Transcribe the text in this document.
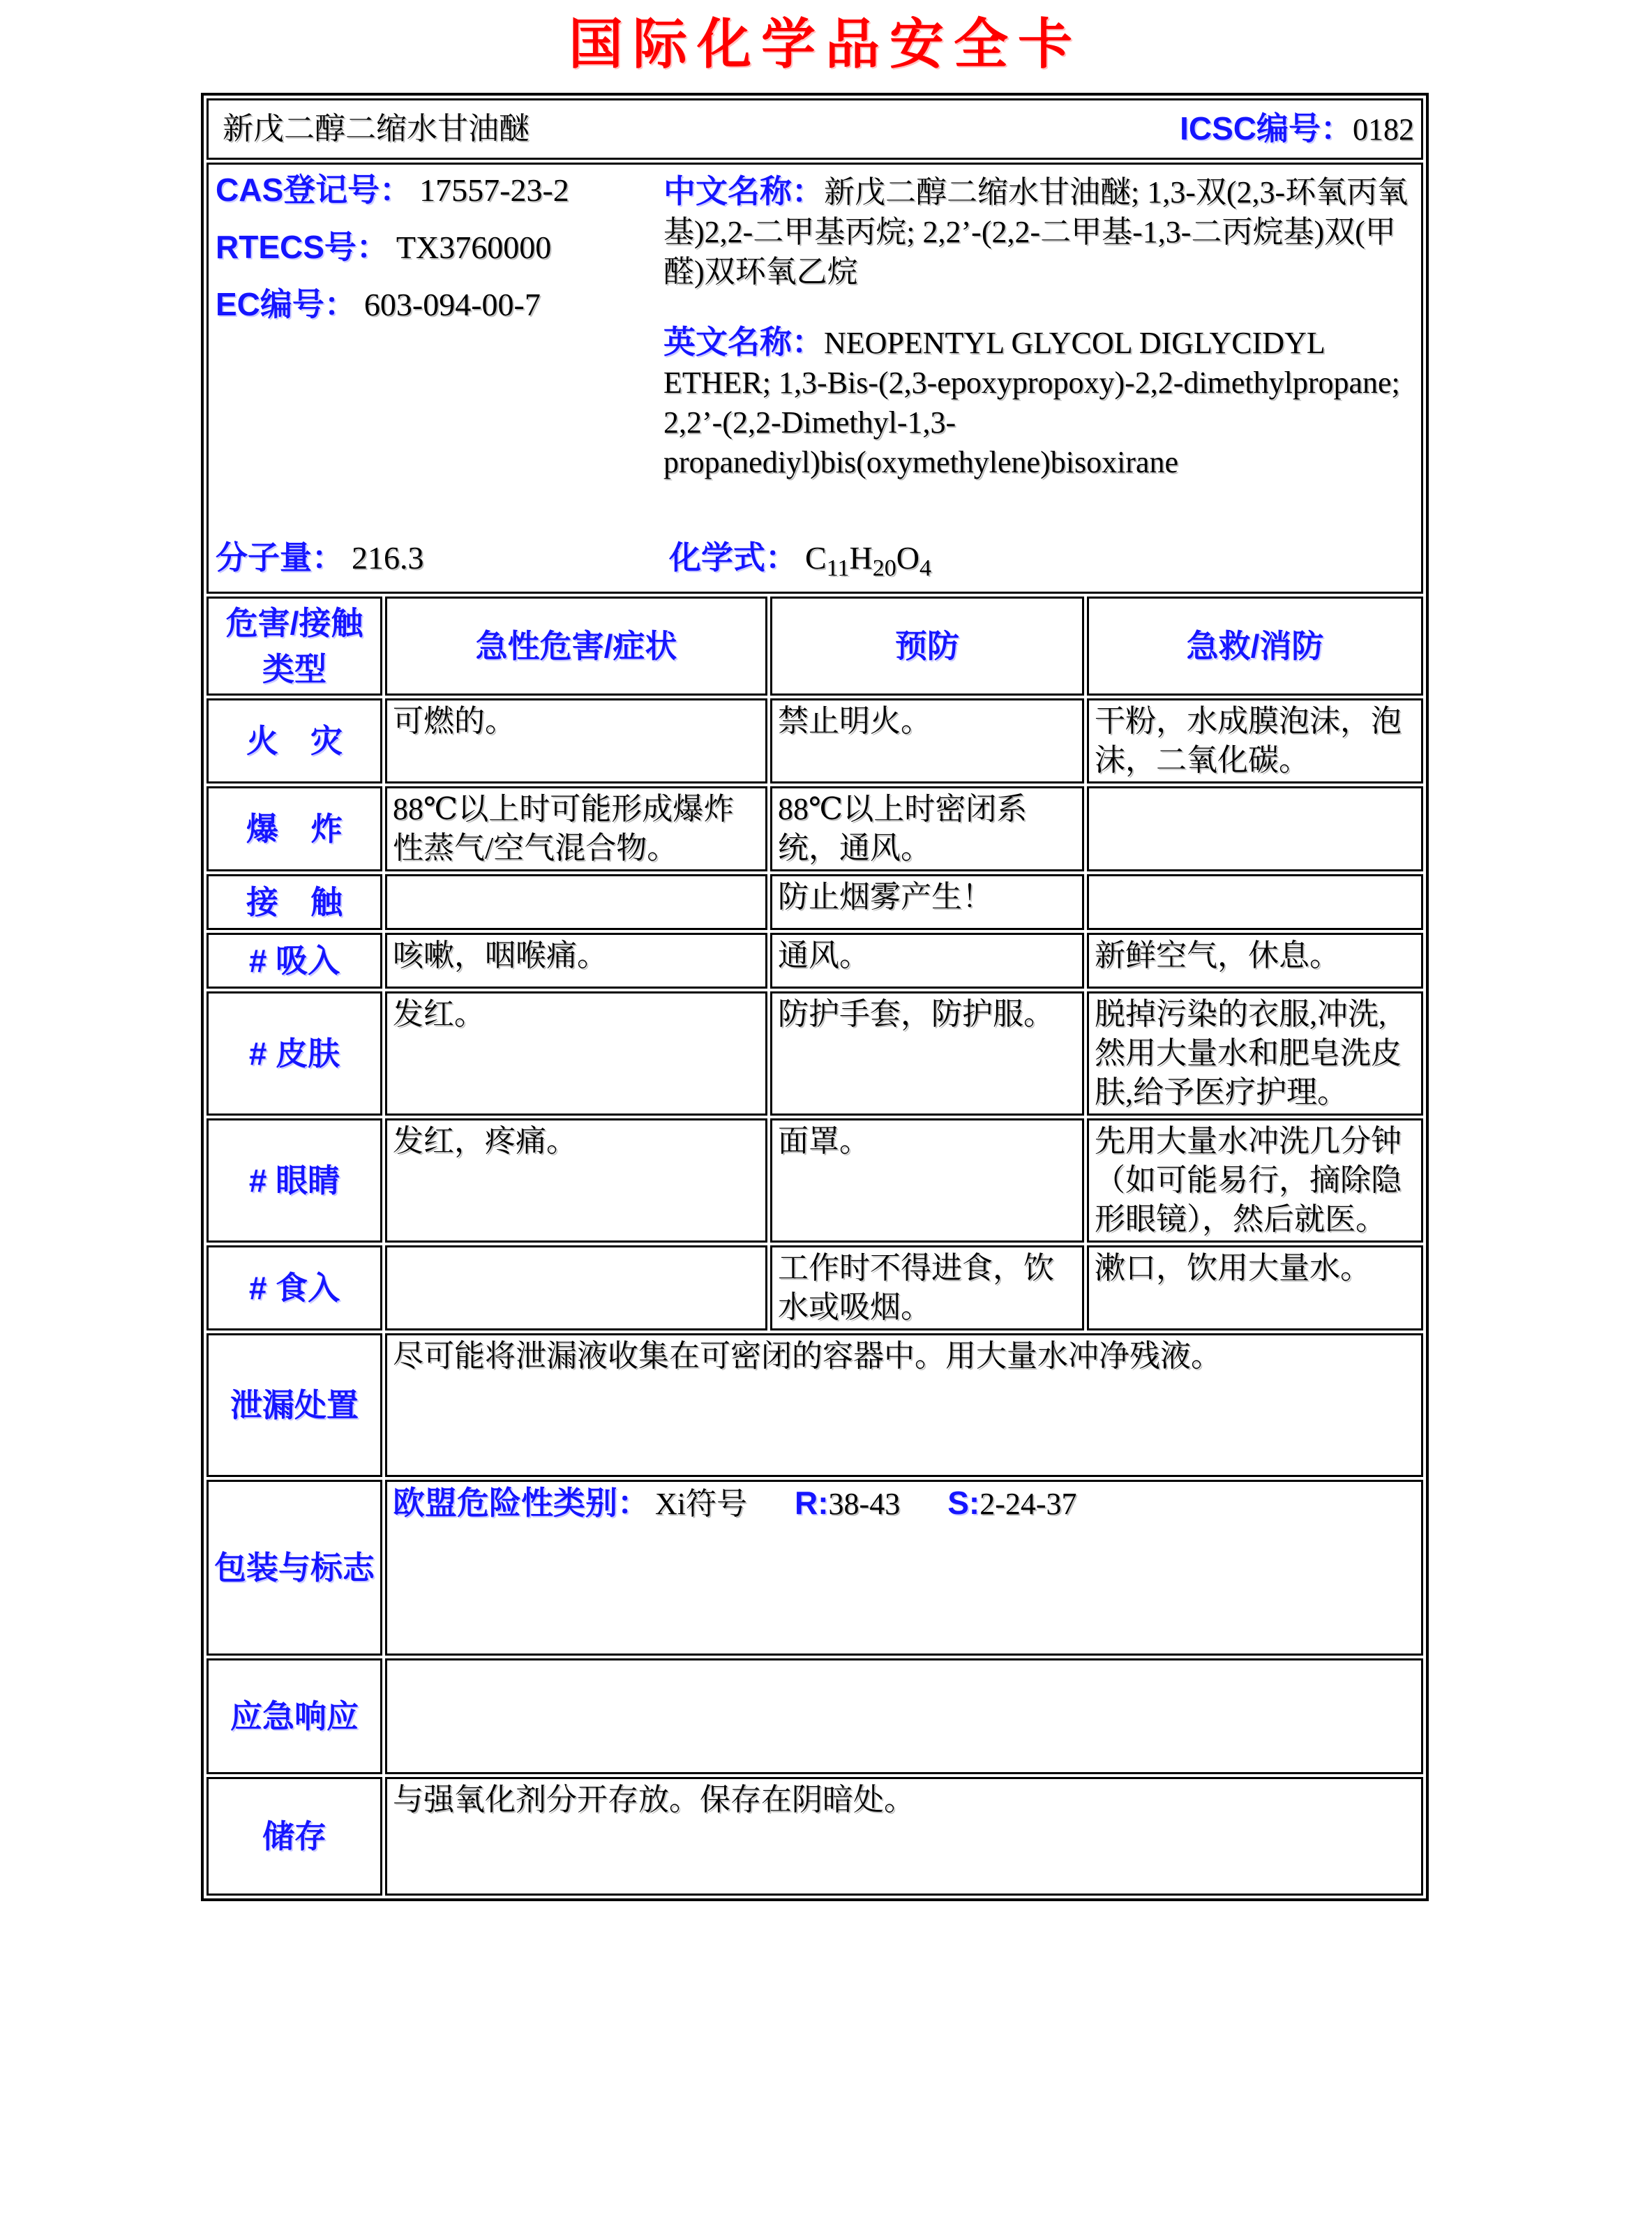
国际化学品安全卡
新戊二醇二缩水甘油醚 ICSC编号：0182			

CAS登记号： 17557-23-2
RTECS号： TX3760000
EC编号： 603-094-00-7

中文名称：新戊二醇二缩水甘油醚; 1,3-双(2,3-环氧丙氧基)2,2-二甲基丙烷; 2,2’-(2,2-二甲基-1,3-二丙烷基)双(甲醛)双环氧乙烷

英文名称：NEOPENTYL GLYCOL DIGLYCIDYL ETHER; 1,3-Bis-(2,3-epoxypropoxy)-2,2-dimethylpropane; 2,2’-(2,2-Dimethyl-1,3-propanediyl)bis(oxymethylene)bisoxirane

分子量： 216.3	化学式： $C_{11}H_{20}O_4$

危害/接触类型	急性危害/症状	预防	急救/消防
火　灾	可燃的。	禁止明火。	干粉，水成膜泡沫，泡沫，二氧化碳。

爆　炸	88℃以上时可能形成爆炸性蒸气/空气混合物。	88℃以上时密闭系统，通风。	

接　触		防止烟雾产生！	

# 吸入	咳嗽，咽喉痛。	通风。	新鲜空气，休息。

# 皮肤	发红。	防护手套，防护服。	脱掉污染的衣服,冲洗,然用大量水和肥皂洗皮肤,给予医疗护理。

# 眼睛	发红，疼痛。	面罩。	先用大量水冲洗几分钟（如可能易行，摘除隐形眼镜），然后就医。

# 食入		工作时不得进食，饮水或吸烟。	漱口，饮用大量水。

泄漏处置	尽可能将泄漏液收集在可密闭的容器中。用大量水冲净残液。		

包装与标志	欧盟危险性类别： Xi符号 R:38-43 S:2-24-37		

应急响应			

储存	与强氧化剂分开存放。保存在阴暗处。		
